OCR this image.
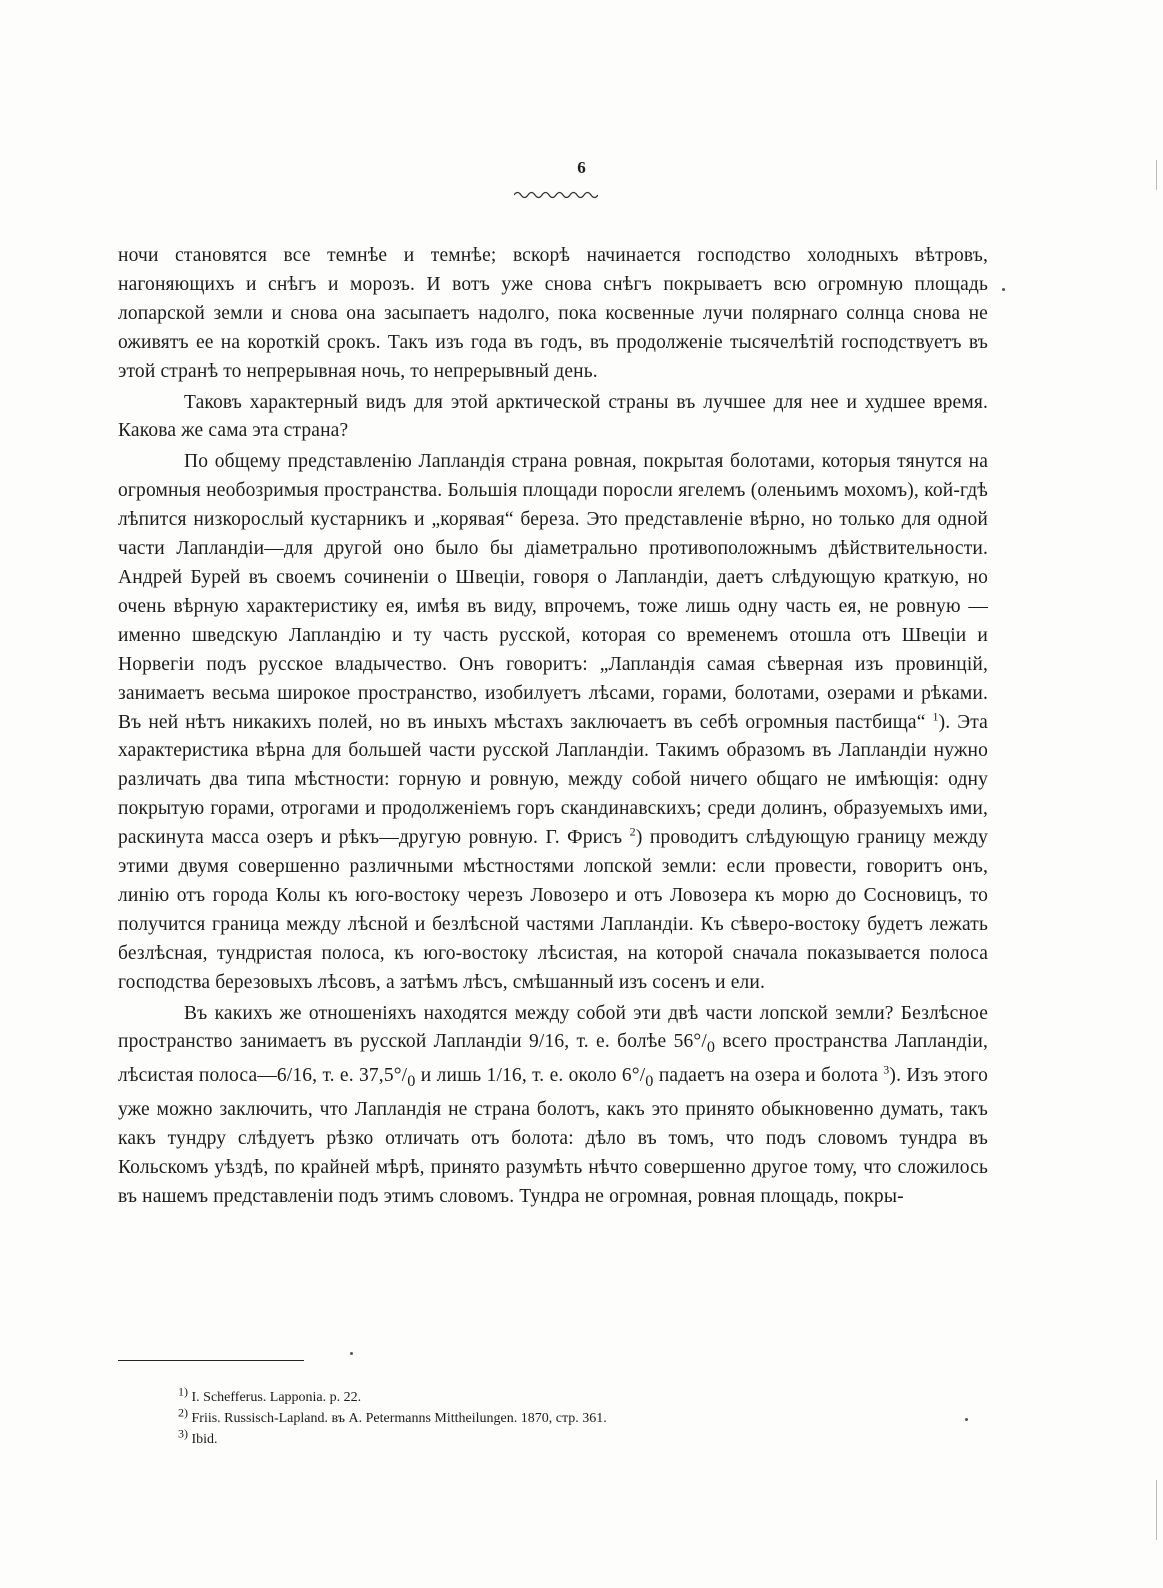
6

ночи становятся все темнѣе и темнѣе; вскорѣ начинается господство холодныхъ вѣтровъ, нагоняющихъ и снѣгъ и морозъ. И вотъ уже снова снѣгъ покрываетъ всю огромную площадь лопарской земли и снова она засыпаетъ надолго, пока косвенные лучи полярнаго солнца снова не оживятъ ее на короткій срокъ. Такъ изъ года въ годъ, въ продолженіе тысячелѣтій господствуетъ въ этой странѣ то непрерывная ночь, то непрерывный день.

Таковъ характерный видъ для этой арктической страны въ лучшее для нее и худшее время. Какова же сама эта страна?

По общему представленію Лапландія страна ровная, покрытая болотами, которыя тянутся на огромныя необозримыя пространства. Большія площади поросли ягелемъ (оленьимъ мохомъ), кой-гдѣ лѣпится низкорослый кустарникъ и „корявая“ береза. Это представленіе вѣрно, но только для одной части Лапландіи—для другой оно было бы діаметрально противоположнымъ дѣйствительности. Андрей Бурей въ своемъ сочиненіи о Швеціи, говоря о Лапландіи, даетъ слѣдующую краткую, но очень вѣрную характеристику ея, имѣя въ виду, впрочемъ, тоже лишь одну часть ея, не ровную — именно шведскую Лапландію и ту часть русской, которая со временемъ отошла отъ Швеціи и Норвегіи подъ русское владычество. Онъ говоритъ: „Лапландія самая сѣверная изъ провинцій, занимаетъ весьма широкое пространство, изобилуетъ лѣсами, горами, болотами, озерами и рѣками. Въ ней нѣтъ никакихъ полей, но въ иныхъ мѣстахъ заключаетъ въ себѣ огромныя пастбища“ $^1$). Эта характеристика вѣрна для большей части русской Лапландіи. Такимъ образомъ въ Лапландіи нужно различать два типа мѣстности: горную и ровную, между собой ничего общаго не имѣющія: одну покрытую горами, отрогами и продолженіемъ горъ скандинавскихъ; среди долинъ, образуемыхъ ими, раскинута масса озеръ и рѣкъ—другую ровную. Г. Фрисъ $^2$) проводитъ слѣдующую границу между этими двумя совершенно различными мѣстностями лопской земли: если провести, говоритъ онъ, линію отъ города Колы къ юго-востоку черезъ Ловозеро и отъ Ловозера къ морю до Сосновицъ, то получится граница между лѣсной и безлѣсной частями Лапландіи. Къ сѣверо-востоку будетъ лежать безлѣсная, тундристая полоса, къ юго-востоку лѣсистая, на которой сначала показывается полоса господства березовыхъ лѣсовъ, а затѣмъ лѣсъ, смѣшанный изъ сосенъ и ели.

Въ какихъ же отношеніяхъ находятся между собой эти двѣ части лопской земли? Безлѣсное пространство занимаетъ въ русской Лапландіи 9/16, т. е. болѣе $56^\circ/_0$ всего пространства Лапландіи, лѣсистая полоса—6/16, т. е. $37,5^\circ/_0$ и лишь 1/16, т. е. около $6^\circ/_0$ падаетъ на озера и болота $^3$). Изъ этого уже можно заключить, что Лапландія не страна болотъ, какъ это принято обыкновенно думать, такъ какъ тундру слѣдуетъ рѣзко отличать отъ болота: дѣло въ томъ, что подъ словомъ тундра въ Кольскомъ уѣздѣ, по крайней мѣрѣ, принято разумѣть нѣчто совершенно другое тому, что сложилось въ нашемъ представленіи подъ этимъ словомъ. Тундра не огромная, ровная площадь, покры-

$^{1)}$ I. Schefferus. Lapponia. p. 22.
$^{2)}$ Friis. Russisch-Lapland. въ A. Petermanns Mittheilungen. 1870, стр. 361.
$^{3)}$ Ibid.
